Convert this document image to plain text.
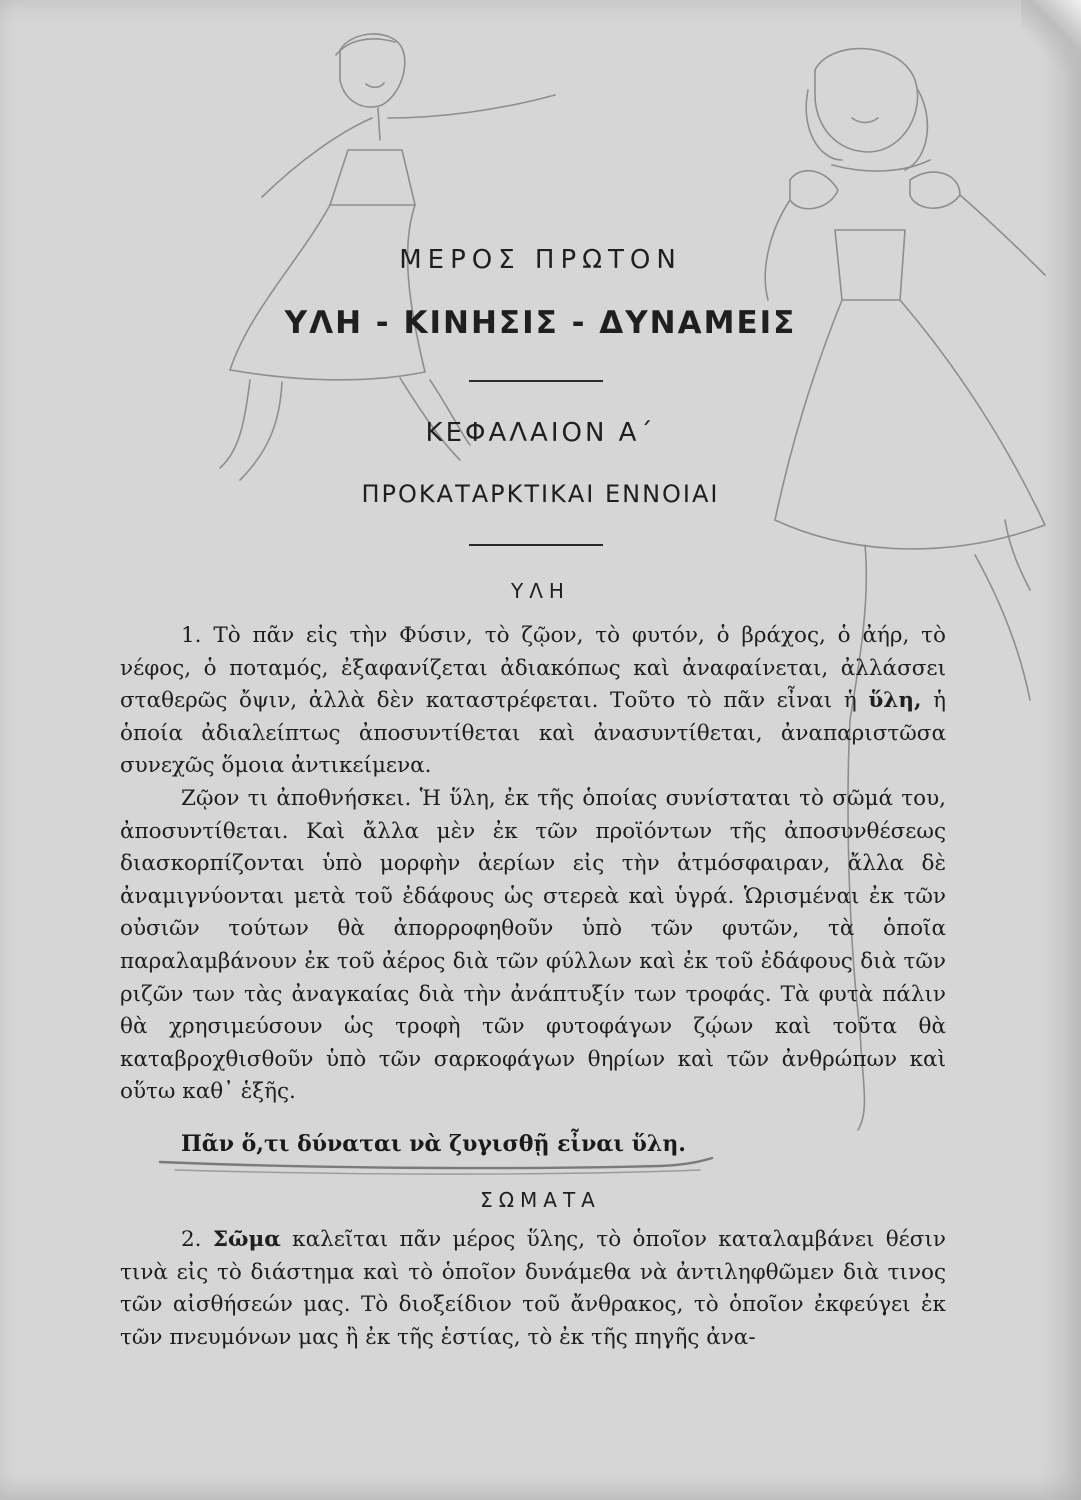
ΜΕΡΟΣ ΠΡΩΤΟΝ
ΥΛΗ - ΚΙΝΗΣΙΣ - ΔΥΝΑΜΕΙΣ
ΚΕΦΑΛΑΙΟΝ Α΄
ΠΡΟΚΑΤΑΡΚΤΙΚΑΙ ΕΝΝΟΙΑΙ
ΥΛΗ

1. Τὸ πᾶν εἰς τὴν Φύσιν, τὸ ζῷον, τὸ φυτόν, ὁ βράχος, ὁ ἀήρ, τὸ νέφος, ὁ ποταμός, ἐξαφανίζεται ἀδιακόπως καὶ ἀναφαίνεται, ἀλλάσσει σταθερῶς ὄψιν, ἀλλὰ δὲν καταστρέφεται. Τοῦτο τὸ πᾶν εἶναι ἡ ὕλη, ἡ ὁποία ἀδιαλείπτως ἀποσυντίθεται καὶ ἀνασυντίθεται, ἀναπαριστῶσα συνεχῶς ὅμοια ἀντικείμενα.

Ζῷον τι ἀποθνήσκει. Ἡ ὕλη, ἐκ τῆς ὁποίας συνίσταται τὸ σῶμά του, ἀποσυντίθεται. Καὶ ἄλλα μὲν ἐκ τῶν προϊόντων τῆς ἀποσυνθέσεως διασκορπίζονται ὑπὸ μορφὴν ἀερίων εἰς τὴν ἀτμόσφαιραν, ἄλλα δὲ ἀναμιγνύονται μετὰ τοῦ ἐδάφους ὡς στερεὰ καὶ ὑγρά. Ὡρισμέναι ἐκ τῶν οὐσιῶν τούτων θὰ ἀπορροφηθοῦν ὑπὸ τῶν φυτῶν, τὰ ὁποῖα παραλαμβάνουν ἐκ τοῦ ἀέρος διὰ τῶν φύλλων καὶ ἐκ τοῦ ἐδάφους διὰ τῶν ριζῶν των τὰς ἀναγκαίας διὰ τὴν ἀνάπτυξίν των τροφάς. Τὰ φυτὰ πάλιν θὰ χρησιμεύσουν ὡς τροφὴ τῶν φυτοφάγων ζῴων καὶ τοῦτα θὰ καταβροχθισθοῦν ὑπὸ τῶν σαρκοφάγων θηρίων καὶ τῶν ἀνθρώπων καὶ οὕτω καθ᾽ ἑξῆς.

Πᾶν ὅ,τι δύναται νὰ ζυγισθῇ εἶναι ὕλη.
ΣΩΜΑΤΑ

2. Σῶμα καλεῖται πᾶν μέρος ὕλης, τὸ ὁποῖον καταλαμβάνει θέσιν τινὰ εἰς τὸ διάστημα καὶ τὸ ὁποῖον δυνάμεθα νὰ ἀντιληφθῶμεν διὰ τινος τῶν αἰσθήσεών μας. Τὸ διοξείδιον τοῦ ἄνθρακος, τὸ ὁποῖον ἐκφεύγει ἐκ τῶν πνευμόνων μας ἢ ἐκ τῆς ἑστίας, τὸ ἐκ τῆς πηγῆς ἀνα-
